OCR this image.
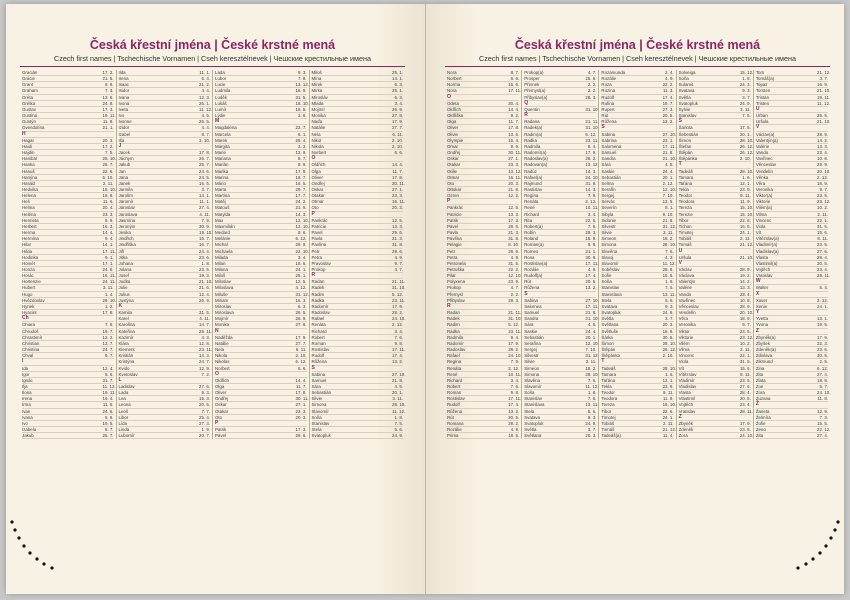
Česká křestní jména | České krstné mená
Czech first names | Tschechische Vornamen | Cseh keresztélnevek | Чешские крестильные имена
Gracián	17. 2.
Grácie	21. 5.
Grant	6. 9.
Graham	7. 3.
Gréta	13. 6.
Grétka	24. 8.
Gustav	17. 3.
Gustina	19. 11.
Gustýn	11. 8.
Gvendolína	21. 1.
H
Hagar	20. 3.
Haidi	17. 2.
Hajdin	7. 5.
Hanibal	25. 10.
Hanka	28. 7.
Hanuš	22. 6.
Hanýna	6. 10.
Harald	2. 11.
Hedvika	15. 10.
Helena	18. 8.
Heli	11. 6.
Helma	20. 4.
Heléna	23. 3.
Henrieta	5. 9.
Herbert	16. 3.
Herma	14. 4.
Hermína	9. 4.
Hilar	14. 1.
Hilda	17. 11.
Hodinka	9. 1.
Homér	17. 1.
Honza	24. 6.
Horác	16. 11.
Hortenzie	24. 11.
Hubert	3. 11.
Hugo	1. 4.
Hvězdoslav	29. 10.
Hynek	1. 2.
Hyacint	17. 8.
Ch
Chiara	7. 6.
Chrudoš	19. 7.
Chrastimír	12. 2.
Christian	13. 7.
Christina	24. 7.
Chval	9. 7.
I
Ida	12. 4.
Igor	5. 6.
Ignác	31. 7.
Ilja	11. 12.
Ilona	19. 11.
Irena	16. 4.
Irma	11. 5.
Ivan	24. 6.
Ivana	5. 8.
Ivo	19. 5.
Izabela	8. 7.
Jakub	25. 7.
Ilda	11. 1.
Irena	5. 4.
Isaac	21. 2.
Isidor	4. 4.
Ivana	12. 3.
Ivona	26. 1.
Iveta	11. 12.
Ivo	4. 5.
Ivonne	25. 5.
Izidor	4. 4.
Izabel	8. 7.
Iša	3. 10.
J
Jacek	17. 8.
Jáchym	26. 7.
Jakub	25. 7.
Jan	24. 6.
Jana	24. 5.
Janek	16. 5.
Jarmila	3. 7.
Jarolím	14. 1.
Jaromír	11. 1.
Jaroslav	27. 4.
Jaroslava	4. 11.
Jasmína	7. 9.
Jeroným	30. 9.
Jesika	19. 10.
Jindřich	15. 7.
Jindřiška	16. 7.
Jiří	24. 4.
Jitka	23. 6.
Johana	1. 8.
Jolana	23. 5.
Josef	19. 3.
Judita	21. 10.
Julie	21. 6.
Julius	12. 4.
Justýna	26. 9.
K
Kamila	31. 5.
Karel	4. 11.
Karolína	14. 7.
Kateřina	25. 11.
Kazimír	4. 3.
Klára	12. 8.
Klement	23. 11.
Kristián	14. 3.
Kristýna	24. 7.
Kvido	12. 9.
Kvetoslav	7. 2.
L
Ladislav	27. 6.
Lada	9. 3.
Lea	15. 3.
Leona	20. 5.
Leoš	7. 7.
Libor	25. 4.
Lída	27. 3.
Linda	1. 9.
Lubomír	20. 7.
Lada	9. 3.
Lubor	7. 8.
Lucie	13. 12.
Ludmila	16. 9.
Luděk	31. 5.
Lukáš	18. 10.
Lumír	16. 5.
Lýdie	3. 8.
M
Magdaléna	22. 7.
Marcela	6. 1.
Marek	25. 4.
Margita	3. 3.
Marie	12. 9.
Mariana	8. 7.
Marián	8. 9.
Marika	17. 8.
Marina	18. 7.
Mário	16. 5.
Marta	29. 7.
Martina	17. 7.
Matěj	24. 2.
Matouš	21. 9.
Matylda	14. 3.
Max	12. 10.
Maxmilián	12. 10.
Medard	8. 6.
Melánie	6. 12.
Michal	29. 9.
Michaela	22. 10.
Milada	3. 4.
Milan	18. 6.
Milena	24. 1.
Miloš	25. 1.
Miloslav	12. 5.
Miloslava	4. 12.
Miluše	31. 12.
Miriam	16. 3.
Miroslav	6. 3.
Miroslava	26. 5.
Mojmír	26. 9.
Monika	27. 8.
N
Naděžda	17. 9.
Natálie	27. 7.
Nela	6. 11.
Nikola	2. 10.
Nikolas	6. 12.
Norbert	6. 6.
O
Oldřich	14. 4.
Olga	11. 7.
Oliver	17. 8.
Ondřej	30. 11.
Oskar	27. 1.
Otakar	23. 3.
Oto	20. 3.
P
Patrik	17. 3.
Pavel	29. 6.
Miloš	25. 1.
Mína	14. 1.
Mirek	6. 3.
Mirka	25. 1.
Mirosláv	6. 3.
Mlada	3. 4.
Mojmír	26. 9.
Monika	27. 8.
Naďa	17. 9.
Natálie	27. 7.
Nela	6. 11.
Nikol	2. 10.
Nikola	2. 10.
Norbert	6. 6.
O
Oldřich	14. 4.
Olga	11. 7.
Oliver	17. 8.
Ondřej	30. 11.
Oskar	27. 1.
Otakar	23. 3.
Otmar	16. 11.
Oto	20. 3.
P
Pankrác	12. 5.
Patricie	13. 3.
Pavel	29. 6.
Pavla	21. 3.
Pavlína	31. 8.
Petr	29. 6.
Petra	4. 9.
Pravoslav	9. 7.
Prokop	4. 7.
R
Radan	21. 11.
Radek	31. 10.
Radim	5. 12.
Radka	23. 11.
Radomír	17. 9.
Radoslav	28. 2.
Rafael	24. 10.
Renáta	2. 12.
Richard	3. 4.
Robert	7. 6.
Roman	9. 8.
Rostislav	17. 11.
Rudolf	17. 4.
Růžena	13. 2.
S
Sabina	27. 10.
Samuel	21. 8.
Sára	4. 5.
Sebastián	20. 1.
Silvie	3. 11.
Simona	28. 10.
Slavomír	11. 12.
Soňa	1. 8.
Stanislav	7. 5.
Stela	5. 6.
Svatopluk	24. 9.
Česká křestní jména | České krstné mená
Czech first names | Tschechische Vornamen | Cseh keresztélnevek | Чешские крестильные имена
Nora	8. 7.
Norbert	6. 6.
Norma	15. 6.
Nora	17. 11.
O
Odeta	20. 4.
Oldřich	14. 4.
Oldřiška	9. 2.
Olga	11. 7.
Oliver	17. 8.
Olivie	13. 6.
Olympie	15. 4.
Omar	9. 9.
Ondřej	30. 11.
Oskar	27. 1.
Otakar	23. 3.
Otilie	13. 12.
Otmar	16. 11.
Oto	20. 3.
Ottokar	21. 8.
Ozren	12. 2.
P
Pankrác	12. 5.
Patricie	13. 3.
Patrik	17. 3.
Pavel	29. 6.
Pavla	21. 3.
Pavlína	31. 8.
Pelagie	8. 10.
Petr	29. 6.
Petra	4. 9.
Petronela	31. 5.
Petruška	22. 2.
Pilar	12. 10.
Polyxena	23. 9.
Prokop	4. 7.
Přemysl	2. 2.
Přibyslav	28. 3.
R
Radan	21. 11.
Radek	31. 10.
Radim	5. 12.
Radka	23. 11.
Radmila	9. 4.
Radomír	17. 9.
Radoslav	28. 2.
Rafael	24. 10.
Regína	7. 9.
Renáta	2. 12.
René	10. 11.
Richard	3. 4.
Robert	7. 6.
Roman	9. 8.
Rostislav	17. 11.
Rudolf	17. 4.
Růžena	13. 2.
Rút	20. 5.
Romana	28. 2.
Rozálie	4. 9.
Prima	18. 5.
Prokop(a)	4. 7.
Prosper	25. 6.
Přemek	2. 2.
Přemysl(a)	2. 2.
Přibyslav(a)	28. 3.
Q
Quentin	31. 10.
R
Radana	21. 11.
Radek(a)	31. 10.
Radim(a)	5. 12.
Radka	23. 11.
Radmila	9. 4.
Radomír(a)	17. 9.
Radoslav(a)	28. 2.
Radovan(a)	13. 12.
Radúz	14. 3.
Rafael(a)	24. 10.
Rajmund	31. 8.
Rastislav	14. 3.
Regína	7. 9.
Renáta	2. 12.
René	10. 11.
Richard	3. 4.
Rita	22. 5.
Robert(a)	7. 6.
Robin	29. 3.
Roland	15. 9.
Roman(a)	9. 8.
Romeo	21. 1.
Rosa	30. 8.
Rostislav(a)	17. 11.
Rozálie	4. 9.
Rudolf(a)	17. 4.
Rút	20. 5.
Růžena	13. 2.
S
Sabina	27. 10.
Salomea	17. 11.
Samuel	21. 8.
Sandra	21. 10.
Sára	4. 5.
Saskie	24. 4.
Sebastián	20. 1.
Serafína	12. 10.
Sergej	7. 10.
Silvestr	31. 12.
Silvie	3. 11.
Simeon	18. 2.
Simona	28. 10.
Slavěna	7. 6.
Slavomír	11. 12.
Soňa	1. 8.
Stanislav	7. 5.
Stanislava	13. 11.
Stela	5. 6.
Svatava	9. 3.
Svatopluk	24. 9.
Světla	3. 7.
Světlana	20. 3.
Rozamunda	2. 4.
Rozálie	4. 9.
Roza	22. 2.
Rozina	11. 3.
Rudolf	17. 4.
Rufina	19. 7.
Rupert	27. 3.
Rút	20. 5.
Růžena	13. 2.
S
Sabina	27. 10.
Sabrina	23. 1.
Salomena	17. 11.
Samuel	21. 8.
Sandra	21. 10.
Sára	4. 5.
Saskie	24. 4.
Sebastián	20. 1.
Selma	2. 12.
Serafín	12. 10.
Sergej	7. 10.
Servác	13. 5.
Severín	8. 1.
Sibyla	9. 10.
Sidonie	21. 8.
Silvestr	31. 12.
Silvie	3. 11.
Simeon	18. 2.
Simona	28. 10.
Slavěna	7. 6.
Slavoj	4. 3.
Slavomír	11. 12.
Soběslav	28. 8.
Sofie	15. 5.
Soňa	1. 8.
Stanislav	7. 5.
Stanislava	13. 11.
Stela	5. 6.
Svatava	9. 3.
Svatopluk	24. 9.
Světla	3. 7.
Světlana	20. 3.
Světluše	15. 9.
Šárka	30. 6.
Šimon	28. 10.
Štěpán	26. 12.
Štěpánka	2. 10.
T
Tadeáš	28. 10.
Tamara	1. 6.
Taťána	12. 1.
Tekla	23. 9.
Teodor	9. 11.
Teodora	11. 9.
Tereza	15. 10.
Tibor	22. 6.
Timotej	24. 1.
Tobiáš	2. 11.
Tomáš	21. 12.
Tadeáš(a)	11. 4.
Solveiga	15. 12.
Soňa	1. 8.
Sulamit	24. 3.
Svatava	9. 3.
Světla	3. 7.
Svatopluk	24. 9.
Sylvie	3. 11.
Stanislav	7. 5.
Š
Šarlota	17. 5.
Šebestián	20. 1.
Šimon	28. 10.
Štefan	26. 12.
Štěpán	26. 12.
Štěpánka	2. 10.
T
Tadeáš	28. 10.
Tamara	1. 6.
Taťána	12. 1.
Tekla	23. 9.
Teodor	9. 11.
Teodora	11. 9.
Tereza	15. 10.
Terezie	15. 10.
Tibor	22. 6.
Tichon	16. 6.
Timotej	24. 1.
Tobiáš	2. 11.
Tomáš	21. 12.
U
Uršula	21. 10.
V
Václav	28. 9.
Václava	19. 2.
Valentýn	14. 2.
Valérie	13. 3.
Vanda	23. 4.
Vavřinec	10. 8.
Věnceslav	28. 9.
Vendelín	20. 10.
Věra	18. 9.
Veronika	9. 7.
Viktor	23. 5.
Viktorie	23. 12.
Vilém	10. 2.
Vilma	2. 11.
Vincenc	22. 1.
Viola	31. 5.
Vít	15. 6.
Vítězslav	8. 11.
Vladimír	23. 5.
Vladislav	27. 6.
Vlasta	28. 4.
Vlastimil	20. 5.
Vojtěch	23. 4.
Vratislav	28. 11.
Z
Zbyněk	17. 9.
Zdeněk	23. 6.
Zora	24. 10.
Tom	21. 12.
Tomáš(a)	3. 7.
Topaz	16. 9.
Torsten	21. 10.
Tristan	19. 11.
Tristen	11. 12.
U
Urban	25. 5.
Uršula	21. 10.
V
Václav(a)	28. 9.
Valentýn(a)	14. 2.
Valérie	13. 3.
Vanda	23. 4.
Vavřinec	10. 8.
Věnceslav	28. 9.
Vendelín	20. 10.
Věnka	2. 12.
Věra	18. 9.
Veronika	9. 7.
Viktor(a)	23. 5.
Viktorie	23. 12.
Vilém(a)	10. 2.
Vilma	2. 11.
Vincenc	22. 1.
Viola	31. 5.
Vít	15. 6.
Vítězslav(a)	8. 11.
Vladimír(a)	23. 5.
Vladislav(a)	27. 6.
Vlasta	28. 4.
Vlastimil(a)	20. 5.
Vojtěch	23. 4.
Vratislav	28. 11.
W
Walter	5. 4.
X
Xaver	3. 12.
Xenie	24. 1.
Y
Yvetta	13. 1.
Yvona	19. 5.
Z
Zbyněk(a)	17. 9.
Zbyšek	22. 3.
Zdeněk(a)	23. 6.
Zdislava	30. 5.
Zikmund	2. 5.
Zina	6. 12.
Zita	27. 4.
Zlata	18. 8.
Zoe	5. 7.
Zora	24. 10.
Zuzana	11. 8.
Ž
Žaneta	12. 9.
Želmíra	7. 3.
Žofie	15. 5.
Zeno	22. 12.
Zita	27. 4.
